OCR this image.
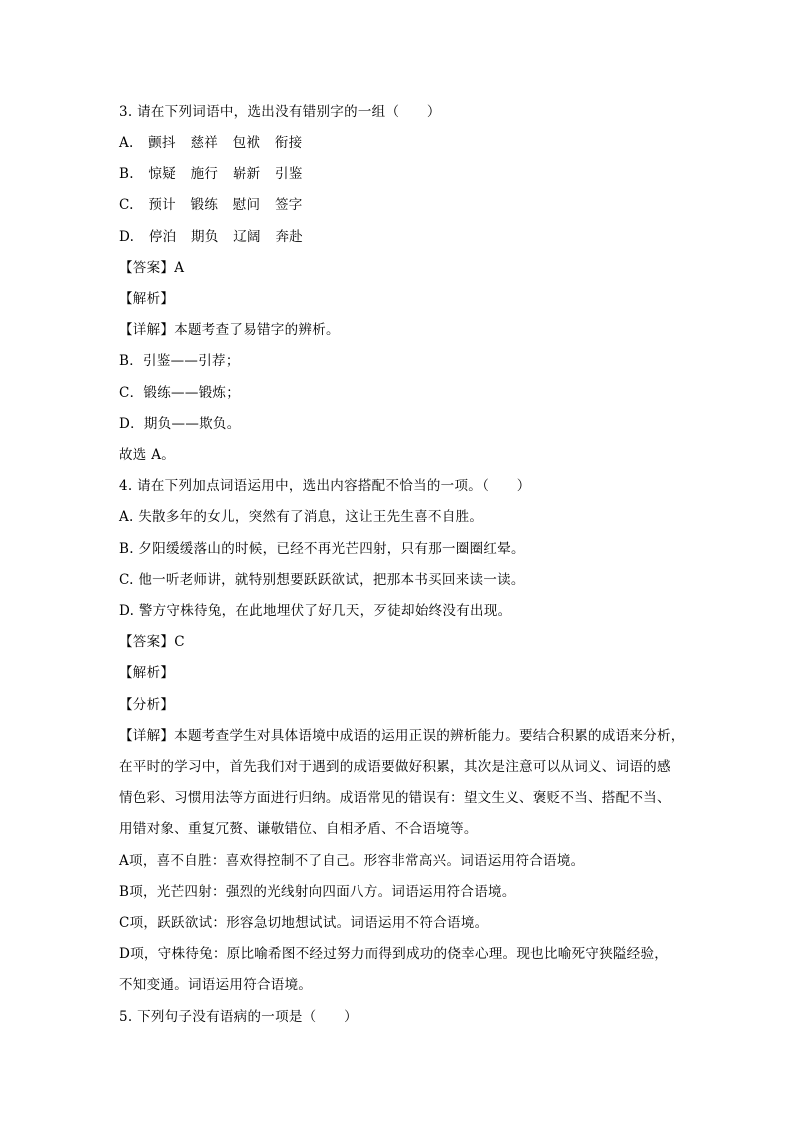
3. 请在下列词语中，选出没有错别字的一组（　　）
A. 颤抖 慈祥 包袱 衔接
B. 惊疑 施行 崭新 引鉴
C. 预计 锻练 慰问 签字
D. 停泊 期负 辽阔 奔赴
【答案】A
【解析】
【详解】本题考查了易错字的辨析。
B．引鉴——引荐；
C．锻练——锻炼；
D．期负——欺负。
故选 A。
4. 请在下列加点词语运用中，选出内容搭配不恰当的一项。（　　）
A. 失散多年的女儿，突然有了消息，这让王先生喜不自胜。
B. 夕阳缓缓落山的时候，已经不再光芒四射，只有那一圈圈红晕。
C. 他一听老师讲，就特别想要跃跃欲试，把那本书买回来读一读。
D. 警方守株待兔，在此地埋伏了好几天，歹徒却始终没有出现。
【答案】C
【解析】
【分析】
【详解】本题考查学生对具体语境中成语的运用正误的辨析能力。要结合积累的成语来分析，
在平时的学习中，首先我们对于遇到的成语要做好积累，其次是注意可以从词义、词语的感
情色彩、习惯用法等方面进行归纳。成语常见的错误有：望文生义、褒贬不当、搭配不当、
用错对象、重复冗赘、谦敬错位、自相矛盾、不合语境等。
A项，喜不自胜：喜欢得控制不了自己。形容非常高兴。词语运用符合语境。
B项，光芒四射：强烈的光线射向四面八方。词语运用符合语境。
C项，跃跃欲试：形容急切地想试试。词语运用不符合语境。
D项，守株待兔：原比喻希图不经过努力而得到成功的侥幸心理。现也比喻死守狭隘经验，
不知变通。词语运用符合语境。
5. 下列句子没有语病的一项是（　　）
